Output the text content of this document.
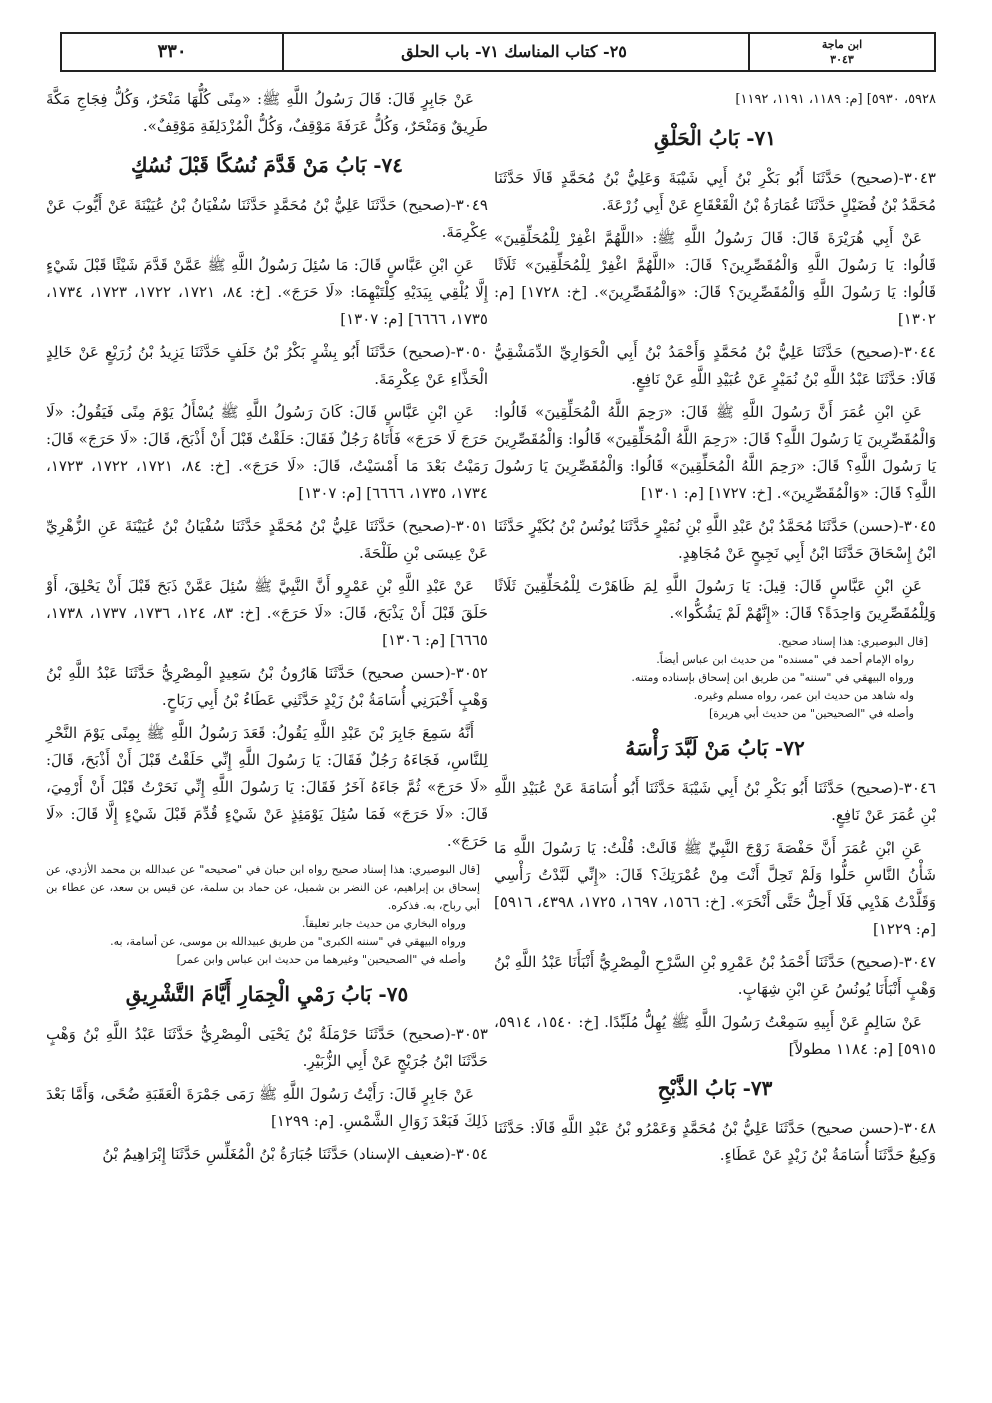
٣٣٠	٢٥- كتاب المناسك ٧١- باب الحلق	ابن ماجة
٣٠٤٣

٥٩٢٨، ٥٩٣٠] [م: ١١٨٩، ١١٩١، ١١٩٢]

٧١- بَابُ الْحَلْقِ

٣٠٤٣-(صحيح) حَدَّثَنَا أَبُو بَكْرِ بْنُ أَبِي شَيْبَةَ وَعَلِيُّ بْنُ مُحَمَّدٍ قَالَا حَدَّثَنَا مُحَمَّدُ بْنُ فُضَيْلٍ حَدَّثَنَا عُمَارَةُ بْنُ الْقَعْقَاعِ عَنْ أَبِي زُرْعَةَ.

عَنْ أَبِي هُرَيْرَةَ قَالَ: قَالَ رَسُولُ اللَّهِ ﷺ: «اللَّهُمَّ اغْفِرْ لِلْمُحَلِّقِينَ» قَالُوا: يَا رَسُولَ اللَّهِ وَالْمُقَصِّرِينَ؟ قَالَ: «اللَّهُمَّ اغْفِرْ لِلْمُحَلِّقِينَ» ثَلَاثًا قَالُوا: يَا رَسُولَ اللَّهِ وَالْمُقَصِّرِينَ؟ قَالَ: «وَالْمُقَصِّرِينَ». [خ: ١٧٢٨] [م: ١٣٠٢]

٣٠٤٤-(صحيح) حَدَّثَنَا عَلِيُّ بْنُ مُحَمَّدٍ وَأَحْمَدُ بْنُ أَبِي الْحَوَارِيِّ الدِّمَشْقِيُّ قَالَا: حَدَّثَنَا عَبْدُ اللَّهِ بْنُ نُمَيْرٍ عَنْ عُبَيْدِ اللَّهِ عَنْ نَافِعٍ.

عَنِ ابْنِ عُمَرَ أَنَّ رَسُولَ اللَّهِ ﷺ قَالَ: «رَحِمَ اللَّهُ الْمُحَلِّقِينَ» قَالُوا: وَالْمُقَصِّرِينَ يَا رَسُولَ اللَّهِ؟ قَالَ: «رَحِمَ اللَّهُ الْمُحَلِّقِينَ» قَالُوا: وَالْمُقَصِّرِينَ يَا رَسُولَ اللَّهِ؟ قَالَ: «رَحِمَ اللَّهُ الْمُحَلِّقِينَ» قَالُوا: وَالْمُقَصِّرِينَ يَا رَسُولَ اللَّهِ؟ قَالَ: «وَالْمُقَصِّرِينَ». [خ: ١٧٢٧] [م: ١٣٠١]

٣٠٤٥-(حسن) حَدَّثَنَا مُحَمَّدُ بْنُ عَبْدِ اللَّهِ بْنِ نُمَيْرٍ حَدَّثَنَا يُونُسُ بْنُ بُكَيْرٍ حَدَّثَنَا ابْنُ إِسْحَاقَ حَدَّثَنَا ابْنُ أَبِي نَجِيحٍ عَنْ مُجَاهِدٍ.

عَنِ ابْنِ عَبَّاسٍ قَالَ: قِيلَ: يَا رَسُولَ اللَّهِ لِمَ ظَاهَرْتَ لِلْمُحَلِّقِينَ ثَلَاثًا وَلِلْمُقَصِّرِينَ وَاحِدَةً؟ قَالَ: «إِنَّهُمْ لَمْ يَشُكُّوا».

[قال البوصيري: هذا إسناد صحيح.
رواه الإمام أحمد في "مسنده" من حديث ابن عباس أيضاً.
ورواه البيهقي في "سننه" من طريق ابن إسحاق بإسناده ومتنه.
وله شاهد من حديث ابن عمر، رواه مسلم وغيره.
وأصله في "الصحيحين" من حديث أبي هريرة]
٧٢- بَابُ مَنْ لَبَّدَ رَأْسَهُ

٣٠٤٦-(صحيح) حَدَّثَنَا أَبُو بَكْرِ بْنُ أَبِي شَيْبَةَ حَدَّثَنَا أَبُو أُسَامَةَ عَنْ عُبَيْدِ اللَّهِ بْنِ عُمَرَ عَنْ نَافِعٍ.

عَنِ ابْنِ عُمَرَ أَنَّ حَفْصَةَ زَوْجَ النَّبِيِّ ﷺ قَالَتْ: قُلْتُ: يَا رَسُولَ اللَّهِ مَا شَأْنُ النَّاسِ حَلُّوا وَلَمْ تَحِلَّ أَنْتَ مِنْ عُمْرَتِكَ؟ قَالَ: «إِنِّي لَبَّدْتُ رَأْسِي وَقَلَّدْتُ هَدْيِي فَلَا أَحِلُّ حَتَّى أَنْحَرَ». [خ: ١٥٦٦، ١٦٩٧، ١٧٢٥، ٤٣٩٨، ٥٩١٦] [م: ١٢٢٩]

٣٠٤٧-(صحيح) حَدَّثَنَا أَحْمَدُ بْنُ عَمْرِو بْنِ السَّرْحِ الْمِصْرِيُّ أَنْبَأَنَا عَبْدُ اللَّهِ بْنُ وَهْبٍ أَنْبَأَنَا يُونُسُ عَنِ ابْنِ شِهَابٍ.

عَنْ سَالِمٍ عَنْ أَبِيهِ سَمِعْتُ رَسُولَ اللَّهِ ﷺ يُهِلُّ مُلَبِّدًا. [خ: ١٥٤٠، ٥٩١٤، ٥٩١٥] [م: ١١٨٤ مطولاً]

٧٣- بَابُ الذَّبْحِ

٣٠٤٨-(حسن صحيح) حَدَّثَنَا عَلِيُّ بْنُ مُحَمَّدٍ وَعَمْرُو بْنُ عَبْدِ اللَّهِ قَالَا: حَدَّثَنَا وَكِيعٌ حَدَّثَنَا أُسَامَةُ بْنُ زَيْدٍ عَنْ عَطَاءٍ.

عَنْ جَابِرٍ قَالَ: قَالَ رَسُولُ اللَّهِ ﷺ: «مِنًى كُلُّهَا مَنْحَرٌ، وَكُلُّ فِجَاجِ مَكَّةَ طَرِيقٌ وَمَنْحَرٌ، وَكُلُّ عَرَفَةَ مَوْقِفٌ، وَكُلُّ الْمُزْدَلِفَةِ مَوْقِفٌ».

٧٤- بَابُ مَنْ قَدَّمَ نُسُكًا قَبْلَ نُسُكٍ

٣٠٤٩-(صحيح) حَدَّثَنَا عَلِيُّ بْنُ مُحَمَّدٍ حَدَّثَنَا سُفْيَانُ بْنُ عُيَيْنَةَ عَنْ أَيُّوبَ عَنْ عِكْرِمَةَ.

عَنِ ابْنِ عَبَّاسٍ قَالَ: مَا سُئِلَ رَسُولُ اللَّهِ ﷺ عَمَّنْ قَدَّمَ شَيْئًا قَبْلَ شَيْءٍ إِلَّا يُلْقِي بِيَدَيْهِ كِلْتَيْهِمَا: «لَا حَرَجَ». [خ: ٨٤، ١٧٢١، ١٧٢٢، ١٧٢٣، ١٧٣٤، ١٧٣٥، ٦٦٦٦] [م: ١٣٠٧]

٣٠٥٠-(صحيح) حَدَّثَنَا أَبُو بِشْرٍ بَكْرُ بْنُ خَلَفٍ حَدَّثَنَا يَزِيدُ بْنُ زُرَيْعٍ عَنْ خَالِدٍ الْحَذَّاءِ عَنْ عِكْرِمَةَ.

عَنِ ابْنِ عَبَّاسٍ قَالَ: كَانَ رَسُولُ اللَّهِ ﷺ يُسْأَلُ يَوْمَ مِنًى فَيَقُولُ: «لَا حَرَجَ لَا حَرَجَ» فَأَتَاهُ رَجُلٌ فَقَالَ: حَلَقْتُ قَبْلَ أَنْ أَذْبَحَ، قَالَ: «لَا حَرَجَ» قَالَ: رَمَيْتُ بَعْدَ مَا أَمْسَيْتُ، قَالَ: «لَا حَرَجَ». [خ: ٨٤، ١٧٢١، ١٧٢٢، ١٧٢٣، ١٧٣٤، ١٧٣٥، ٦٦٦٦] [م: ١٣٠٧]

٣٠٥١-(صحيح) حَدَّثَنَا عَلِيُّ بْنُ مُحَمَّدٍ حَدَّثَنَا سُفْيَانُ بْنُ عُيَيْنَةَ عَنِ الزُّهْرِيِّ عَنْ عِيسَى بْنِ طَلْحَةَ.

عَنْ عَبْدِ اللَّهِ بْنِ عَمْرٍو أَنَّ النَّبِيَّ ﷺ سُئِلَ عَمَّنْ ذَبَحَ قَبْلَ أَنْ يَحْلِقَ، أَوْ حَلَقَ قَبْلَ أَنْ يَذْبَحَ، قَالَ: «لَا حَرَجَ». [خ: ٨٣، ١٢٤، ١٧٣٦، ١٧٣٧، ١٧٣٨، ٦٦٦٥] [م: ١٣٠٦]

٣٠٥٢-(حسن صحيح) حَدَّثَنَا هَارُونُ بْنُ سَعِيدٍ الْمِصْرِيُّ حَدَّثَنَا عَبْدُ اللَّهِ بْنُ وَهْبٍ أَخْبَرَنِي أُسَامَةُ بْنُ زَيْدٍ حَدَّثَنِي عَطَاءُ بْنُ أَبِي رَبَاحٍ.

أَنَّهُ سَمِعَ جَابِرَ بْنَ عَبْدِ اللَّهِ يَقُولُ: قَعَدَ رَسُولُ اللَّهِ ﷺ بِمِنًى يَوْمَ النَّحْرِ لِلنَّاسِ، فَجَاءَهُ رَجُلٌ فَقَالَ: يَا رَسُولَ اللَّهِ إِنِّي حَلَقْتُ قَبْلَ أَنْ أَذْبَحَ، قَالَ: «لَا حَرَجَ» ثُمَّ جَاءَهُ آخَرُ فَقَالَ: يَا رَسُولَ اللَّهِ إِنِّي نَحَرْتُ قَبْلَ أَنْ أَرْمِيَ، قَالَ: «لَا حَرَجَ» فَمَا سُئِلَ يَوْمَئِذٍ عَنْ شَيْءٍ قُدِّمَ قَبْلَ شَيْءٍ إِلَّا قَالَ: «لَا حَرَجَ».

[قال البوصيري: هذا إسناد صحيح رواه ابن حبان في "صحيحه" عن عبدالله بن محمد الأزدي، عن إسحاق بن إبراهيم، عن النضر بن شميل، عن حماد بن سلمة، عن قيس بن سعد، عن عطاء بن أبي رباح، به. فذكره.
ورواه البخاري من حديث جابر تعليقاً.
ورواه البيهقي في "سننه الكبرى" من طريق عبيدالله بن موسى، عن أسامة، به.
وأصله في "الصحيحين" وغيرهما من حديث ابن عباس وابن عمر]
٧٥- بَابُ رَمْيِ الْجِمَارِ أَيَّامَ التَّشْرِيقِ

٣٠٥٣-(صحيح) حَدَّثَنَا حَرْمَلَةُ بْنُ يَحْيَى الْمِصْرِيُّ حَدَّثَنَا عَبْدُ اللَّهِ بْنُ وَهْبٍ حَدَّثَنَا ابْنُ جُرَيْجٍ عَنْ أَبِي الزُّبَيْرِ.

عَنْ جَابِرٍ قَالَ: رَأَيْتُ رَسُولَ اللَّهِ ﷺ رَمَى جَمْرَةَ الْعَقَبَةِ ضُحًى، وَأَمَّا بَعْدَ ذَلِكَ فَبَعْدَ زَوَالِ الشَّمْسِ. [م: ١٢٩٩]

٣٠٥٤-(ضعيف الإسناد) حَدَّثَنَا جُبَارَةُ بْنُ الْمُغَلِّسِ حَدَّثَنَا إِبْرَاهِيمُ بْنُ
